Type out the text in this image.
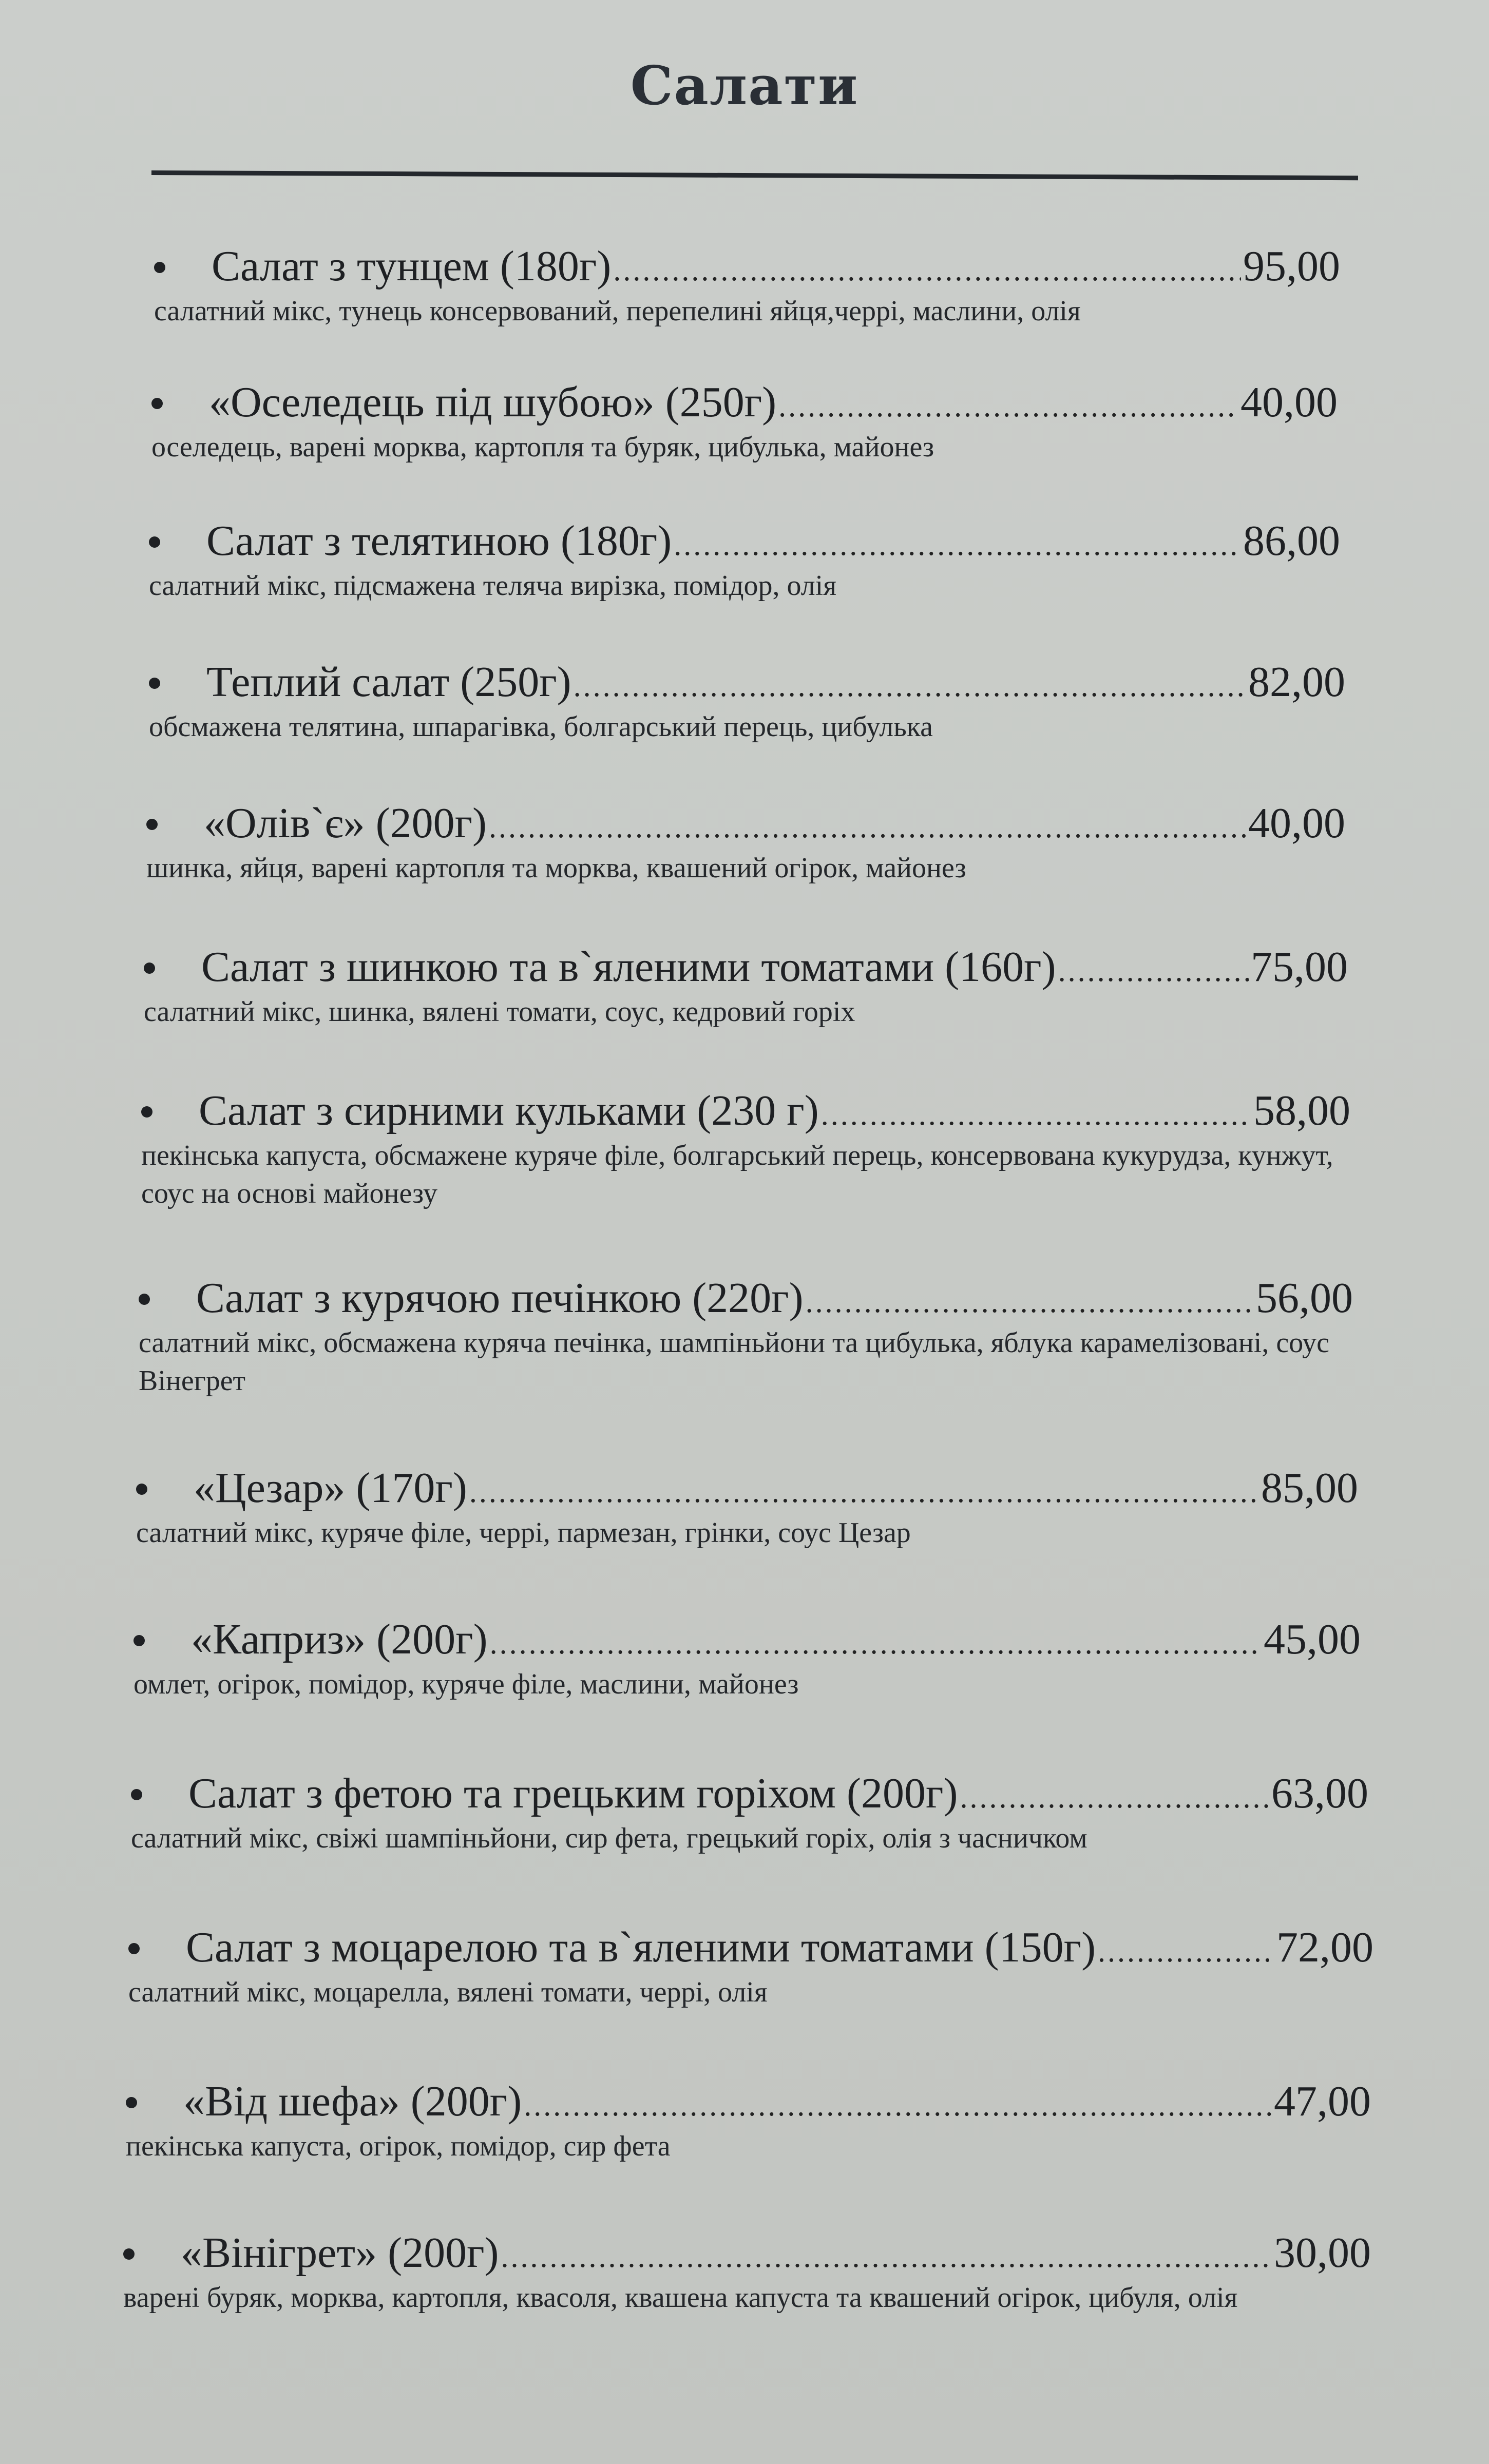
Салати
Салат з тунцем (180г) .....	95,00
салатний мікс, тунець консервований, перепелині яйця,черрі, маслини, олія
«Оселедець під шубою» (250г) .....	40,00
оселедець, варені морква, картопля та буряк, цибулька, майонез
Салат з телятиною (180г) .....	86,00
салатний мікс, підсмажена теляча вирізка, помідор, олія
Теплий салат (250г) .....	82,00
обсмажена телятина, шпарагівка, болгарський перець, цибулька
«Олів`є» (200г) .....	40,00
шинка, яйця, варені картопля та морква, квашений огірок, майонез
Салат з шинкою та в`яленими томатами (160г) .....	75,00
салатний мікс, шинка, вялені томати, соус, кедровий горіх
Салат з сирними кульками (230 г) .....	58,00
пекінська капуста, обсмажене куряче філе, болгарський перець, консервована кукурудза, кунжут, соус на основі майонезу
Салат з курячою печінкою (220г) .....	56,00
салатний мікс, обсмажена куряча печінка, шампіньйони та цибулька, яблука карамелізовані, соус Вінегрет
«Цезар» (170г) .....	85,00
салатний мікс, куряче філе, черрі, пармезан, грінки, соус Цезар
«Каприз» (200г) .....	45,00
омлет, огірок, помідор, куряче філе, маслини, майонез
Салат з фетою та грецьким горіхом (200г) .....	63,00
салатний мікс, свіжі шампіньйони, сир фета, грецький горіх, олія з часничком
Салат з моцарелою та в`яленими томатами (150г) .....	72,00
салатний мікс, моцарелла, вялені томати, черрі, олія
«Від шефа» (200г) .....	47,00
пекінська капуста, огірок, помідор, сир фета
«Вінігрет» (200г) .....	30,00
варені буряк, морква, картопля, квасоля, квашена капуста та квашений огірок, цибуля, олія
